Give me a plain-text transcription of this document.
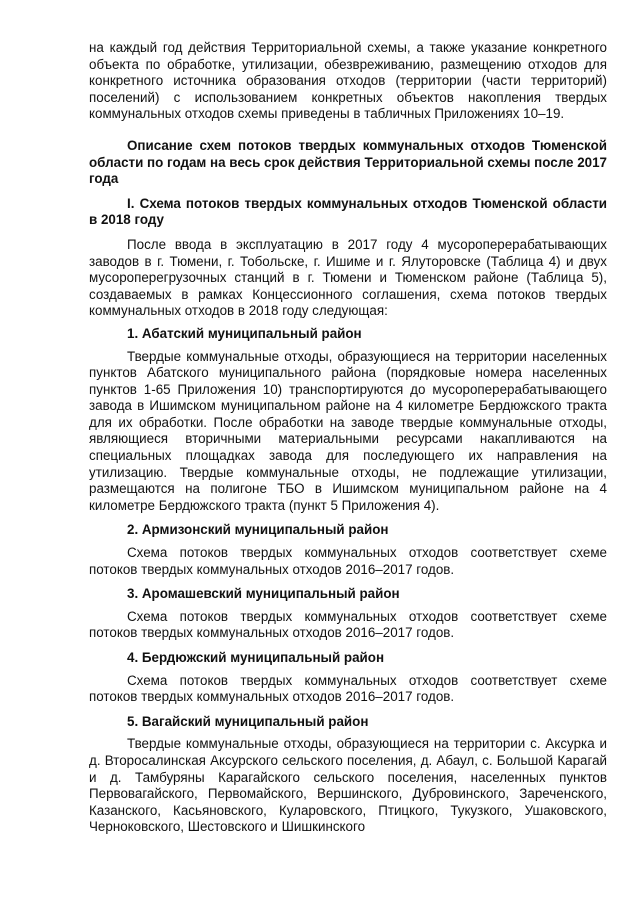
на каждый год действия Территориальной схемы, а также указание конкретного объекта по обработке, утилизации, обезвреживанию, размещению отходов для конкретного источника образования отходов (территории (части территорий) поселений) с использованием конкретных объектов накопления твердых коммунальных отходов схемы приведены в табличных Приложениях 10–19.

Описание схем потоков твердых коммунальных отходов Тюменской области по годам на весь срок действия Территориальной схемы после 2017 года

I. Схема потоков твердых коммунальных отходов Тюменской области в 2018 году

После ввода в эксплуатацию в 2017 году 4 мусороперерабатывающих заводов в г. Тюмени, г. Тобольске, г. Ишиме и г. Ялуторовске (Таблица 4) и двух мусороперегрузочных станций в г. Тюмени и Тюменском районе (Таблица 5), создаваемых в рамках Концессионного соглашения, схема потоков твердых коммунальных отходов в 2018 году следующая:

1. Абатский муниципальный район

Твердые коммунальные отходы, образующиеся на территории населенных пунктов Абатского муниципального района (порядковые номера населенных пунктов 1-65 Приложения 10) транспортируются до мусороперерабатывающего завода в Ишимском муниципальном районе на 4 километре Бердюжского тракта для их обработки. После обработки на заводе твердые коммунальные отходы, являющиеся вторичными материальными ресурсами накапливаются на специальных площадках завода для последующего их направления на утилизацию. Твердые коммунальные отходы, не подлежащие утилизации, размещаются на полигоне ТБО в Ишимском муниципальном районе на 4 километре Бердюжского тракта (пункт 5 Приложения 4).

2. Армизонский муниципальный район

Схема потоков твердых коммунальных отходов соответствует схеме потоков твердых коммунальных отходов 2016–2017 годов.

3. Аромашевский муниципальный район

Схема потоков твердых коммунальных отходов соответствует схеме потоков твердых коммунальных отходов 2016–2017 годов.

4. Бердюжский муниципальный район

Схема потоков твердых коммунальных отходов соответствует схеме потоков твердых коммунальных отходов 2016–2017 годов.

5. Вагайский муниципальный район

Твердые коммунальные отходы, образующиеся на территории с. Аксурка и д. Второсалинская Аксурского сельского поселения, д. Абаул, с. Большой Карагай и д. Тамбуряны Карагайского сельского поселения, населенных пунктов Первовагайского, Первомайского, Вершинского, Дубровинского, Зареченского, Казанского, Касьяновского, Куларовского, Птицкого, Тукузкого, Ушаковского, Черноковского, Шестовского и Шишкинского
